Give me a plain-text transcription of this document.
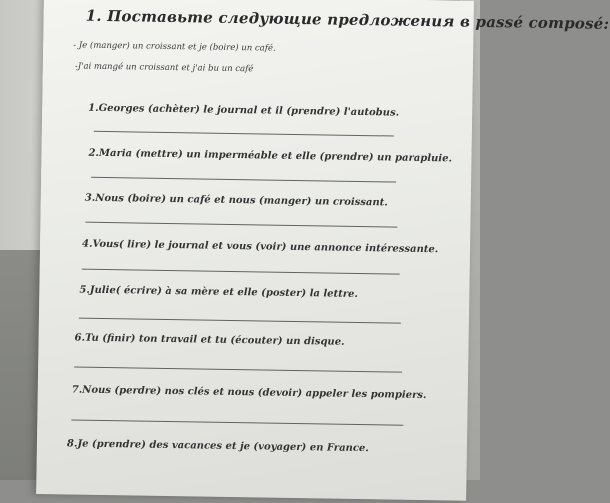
1. Поставьте следующие предложения в passé composé:
- Je (manger) un croissant et je (boire) un café.
-J'ai mangé un croissant et j'ai bu un café
1.Georges (achèter) le journal et il (prendre) l'autobus.
2.Maria (mettre) un imperméable et elle (prendre) un parapluie.
3.Nous (boire) un café et nous (manger) un croissant.
4.Vous( lire) le journal et vous (voir) une annonce intéressante.
5.Julie( écrire) à sa mère et elle (poster) la lettre.
6.Tu (finir) ton travail et tu (écouter) un disque.
7.Nous (perdre) nos clés et nous (devoir) appeler les pompiers.
8.Je (prendre) des vacances et je (voyager) en France.
